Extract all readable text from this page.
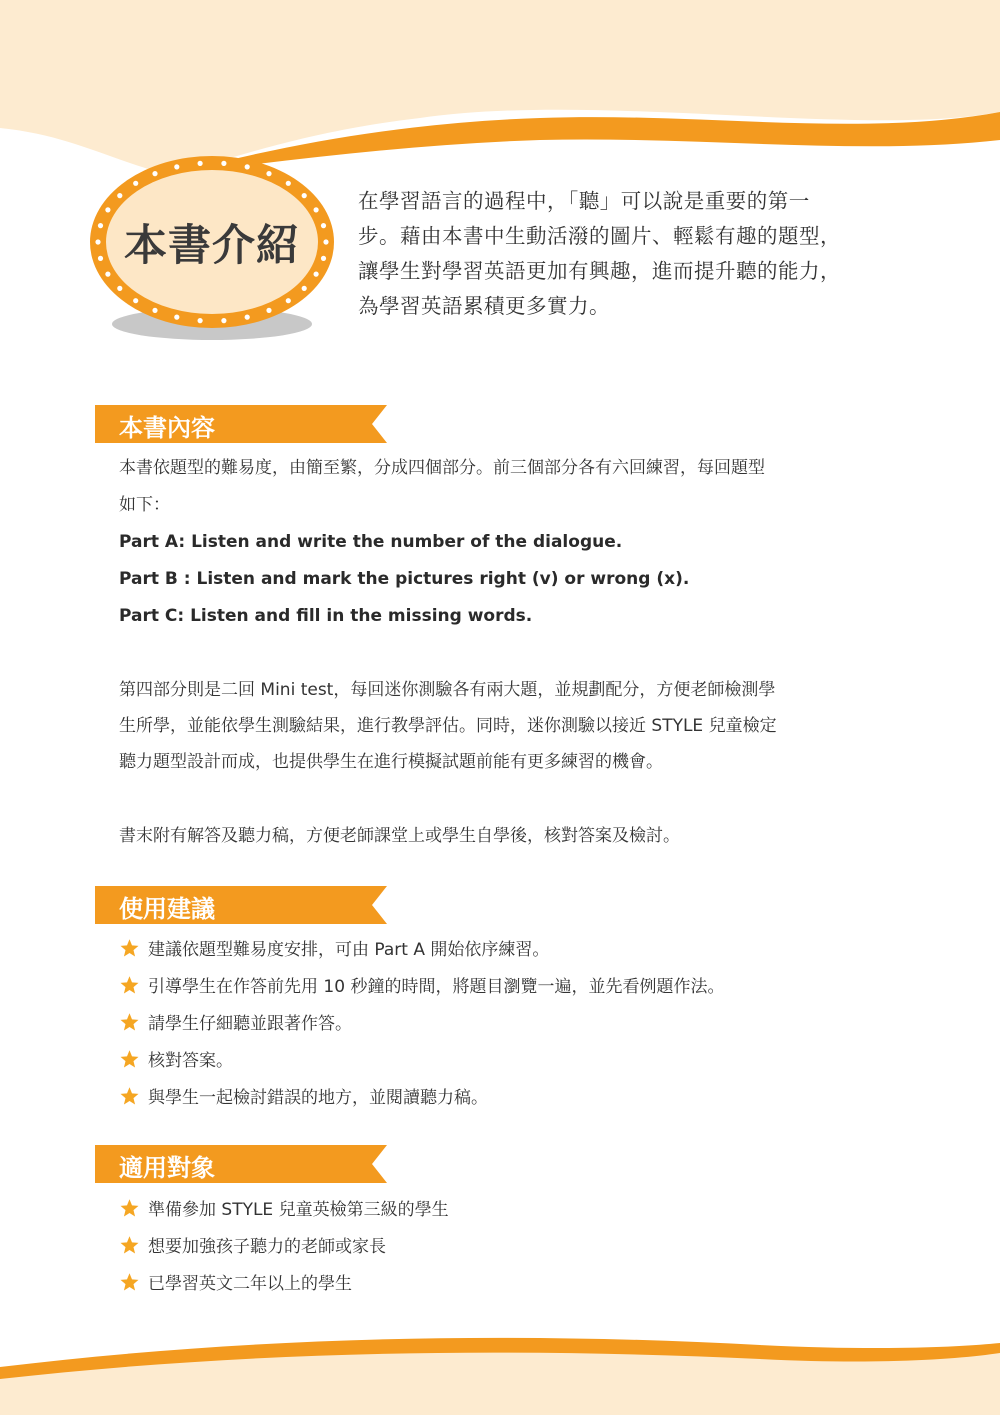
本書介紹

在學習語言的過程中，「聽」可以說是重要的第一

步。藉由本書中生動活潑的圖片、輕鬆有趣的題型，

讓學生對學習英語更加有興趣，進而提升聽的能力，

為學習英語累積更多實力。

本書內容

本書依題型的難易度，由簡至繁，分成四個部分。前三個部分各有六回練習，每回題型

如下：

Part A: Listen and write the number of the dialogue.

Part B : Listen and mark the pictures right (v) or wrong (x).

Part C: Listen and fill in the missing words.

第四部分則是二回 Mini test，每回迷你測驗各有兩大題，並規劃配分，方便老師檢測學

生所學，並能依學生測驗結果，進行教學評估。同時，迷你測驗以接近 STYLE 兒童檢定

聽力題型設計而成，也提供學生在進行模擬試題前能有更多練習的機會。

書末附有解答及聽力稿，方便老師課堂上或學生自學後，核對答案及檢討。

使用建議
建議依題型難易度安排，可由 Part A 開始依序練習。
引導學生在作答前先用 10 秒鐘的時間，將題目瀏覽一遍，並先看例題作法。
請學生仔細聽並跟著作答。
核對答案。
與學生一起檢討錯誤的地方，並閱讀聽力稿。
適用對象
準備參加 STYLE 兒童英檢第三級的學生
想要加強孩子聽力的老師或家長
已學習英文二年以上的學生
